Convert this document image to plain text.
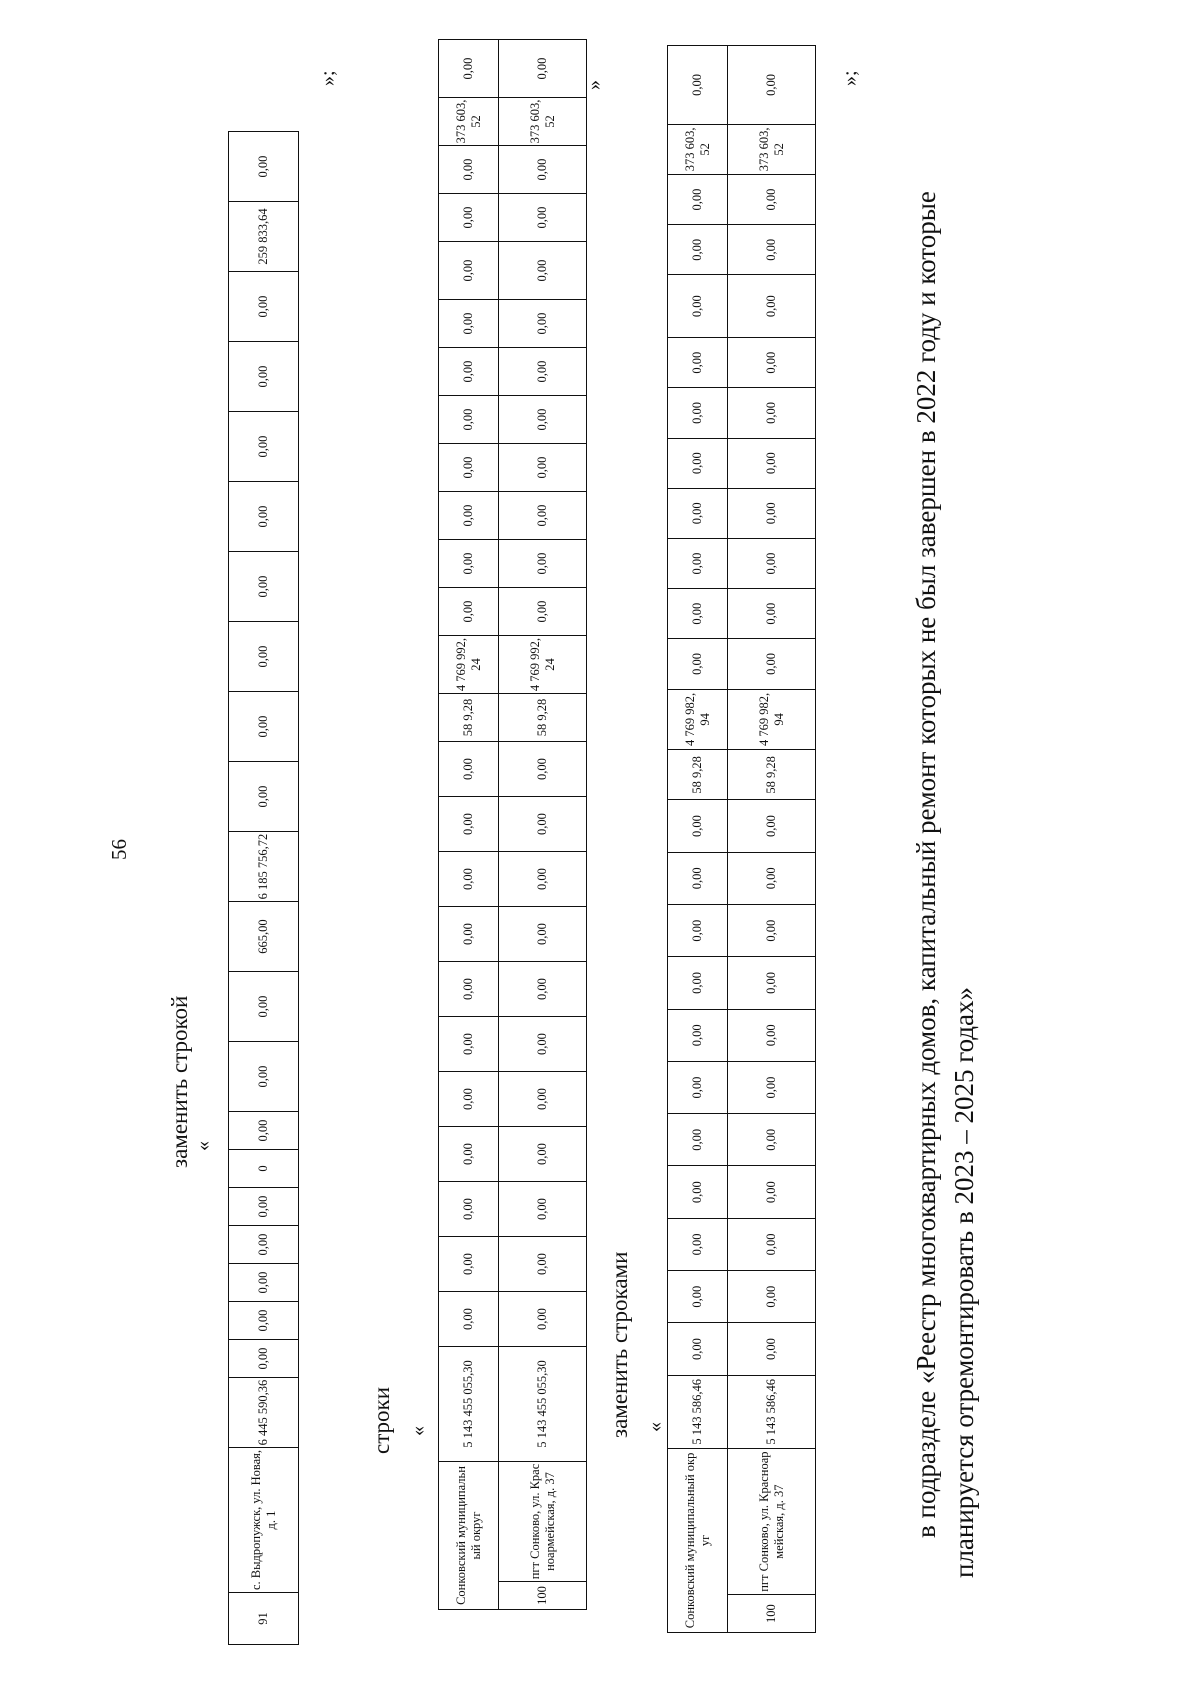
56
заменить строкой «
91	с. Выдропужск, ул. Новая, д. 1	6 445 590,36	0,00	0,00	0,00	0,00	0,00	0	0,00	0,00	0,00	665,00	6 185 756,72	0,00	0,00	0,00	0,00	0,00	0,00	0,00	0,00	259 833,64	0,00
»;
строки «
Сонковский муниципальный округ		5 143 455 055,30	0,00	0,00	0,00	0,00	0,00	0,00	0,00	0,00	0,00	0,00	0,00	58 9,28	4 769 992,24	0,00	0,00	0,00	0,00	0,00	0,00	0,00	0,00	0,00	0,00	373 603,52	0,00
100	пгт Сонково, ул. Красноармейская, д. 37	5 143 455 055,30	0,00	0,00	0,00	0,00	0,00	0,00	0,00	0,00	0,00	0,00	0,00	58 9,28	4 769 992,24	0,00	0,00	0,00	0,00	0,00	0,00	0,00	0,00	0,00	0,00	373 603,52	0,00
»
заменить строками «
Сонковский муниципальный округ		5 143 586,46	0,00	0,00	0,00	0,00	0,00	0,00	0,00	0,00	0,00	0,00	0,00	58 9,28	4 769 982,94	0,00	0,00	0,00	0,00	0,00	0,00	0,00	0,00	0,00	0,00	373 603,52	0,00
100	пгт Сонково, ул. Красноармейская, д. 37	5 143 586,46	0,00	0,00	0,00	0,00	0,00	0,00	0,00	0,00	0,00	0,00	0,00	58 9,28	4 769 982,94	0,00	0,00	0,00	0,00	0,00	0,00	0,00	0,00	0,00	0,00	373 603,52	0,00	»;
в подразделе «Реестр многоквартирных домов, капитальный ремонт которых не был завершен в 2022 году и которые планируется отремонтировать в 2023 – 2025 годах»
